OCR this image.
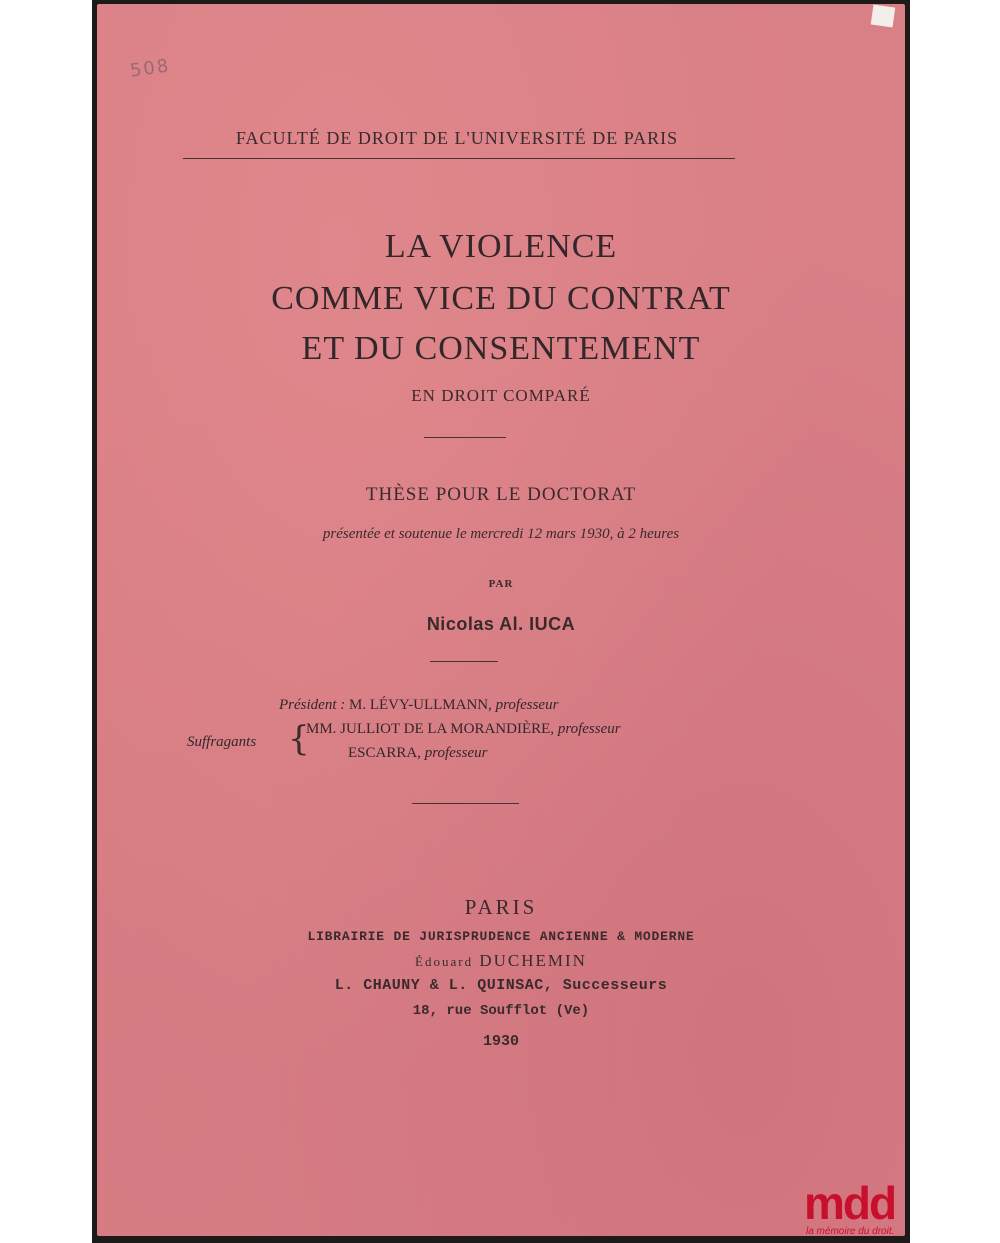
508
FACULTÉ DE DROIT DE L'UNIVERSITÉ DE PARIS
LA VIOLENCE
COMME VICE DU CONTRAT
ET DU CONSENTEMENT
EN DROIT COMPARÉ
THÈSE POUR LE DOCTORAT
présentée et soutenue le mercredi 12 mars 1930, à 2 heures
PAR
Nicolas Al. IUCA
Président : M. LÉVY-ULLMANN, professeur
Suffragants {
MM. JULLIOT DE LA MORANDIÈRE, professeur
ESCARRA, professeur
PARIS
LIBRAIRIE DE JURISPRUDENCE ANCIENNE & MODERNE
Édouard DUCHEMIN
L. CHAUNY & L. QUINSAC, Successeurs
18, rue Soufflot (Ve)
1930
mdd
la mémoire du droit.
